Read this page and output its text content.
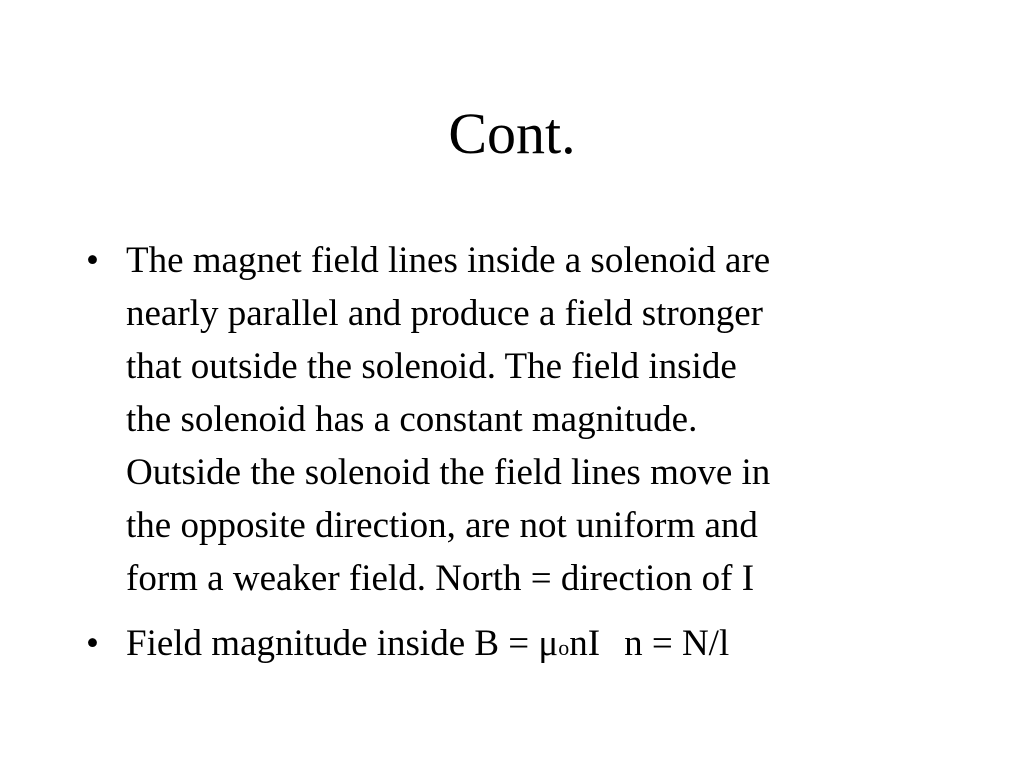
Cont.
• The magnet field lines inside a solenoid are
nearly parallel and produce a field stronger
that outside the solenoid. The field inside
the solenoid has a constant magnitude.
Outside the solenoid the field lines move in
the opposite direction, are not uniform and
form a weaker field. North = direction of I
• Field magnitude inside B = μonI n = N/l
